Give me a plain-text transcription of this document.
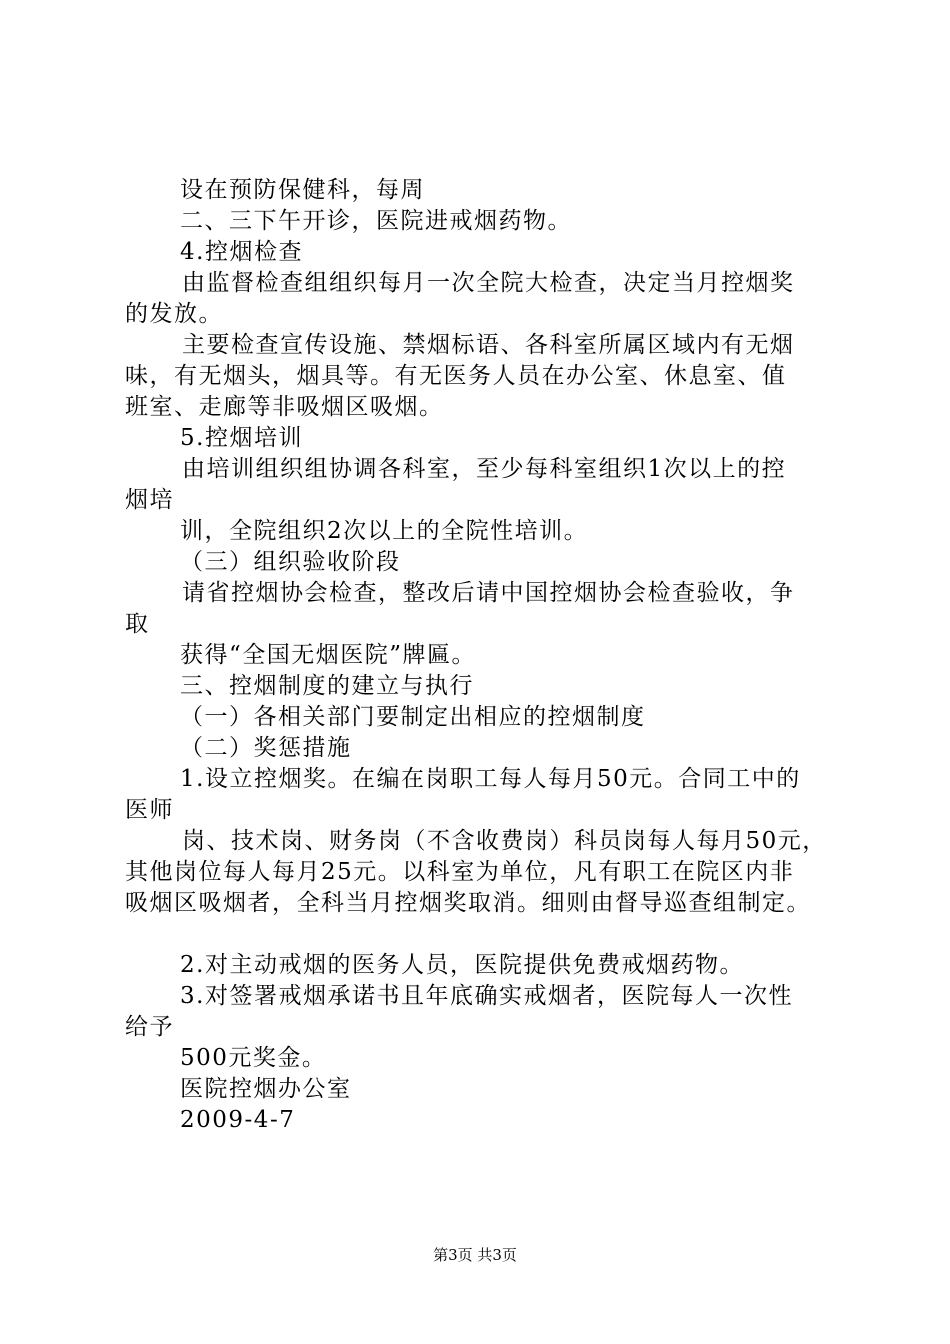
设在预防保健科，每周
二、三下午开诊，医院进戒烟药物。
4.控烟检查
由监督检查组组织每月一次全院大检查，决定当月控烟奖
的发放。
主要检查宣传设施、禁烟标语、各科室所属区域内有无烟
味，有无烟头，烟具等。有无医务人员在办公室、休息室、值
班室、走廊等非吸烟区吸烟。
5.控烟培训
由培训组织组协调各科室，至少每科室组织1次以上的控
烟培
训，全院组织2次以上的全院性培训。
（三）组织验收阶段
请省控烟协会检查，整改后请中国控烟协会检查验收，争
取
获得“全国无烟医院”牌匾。
三、控烟制度的建立与执行
（一）各相关部门要制定出相应的控烟制度
（二）奖惩措施
1.设立控烟奖。在编在岗职工每人每月50元。合同工中的
医师
岗、技术岗、财务岗（不含收费岗）科员岗每人每月50元，
其他岗位每人每月25元。以科室为单位，凡有职工在院区内非
吸烟区吸烟者，全科当月控烟奖取消。细则由督导巡查组制定。
2.对主动戒烟的医务人员，医院提供免费戒烟药物。
3.对签署戒烟承诺书且年底确实戒烟者，医院每人一次性
给予
500元奖金。
医院控烟办公室
2009-4-7
第3页 共3页
